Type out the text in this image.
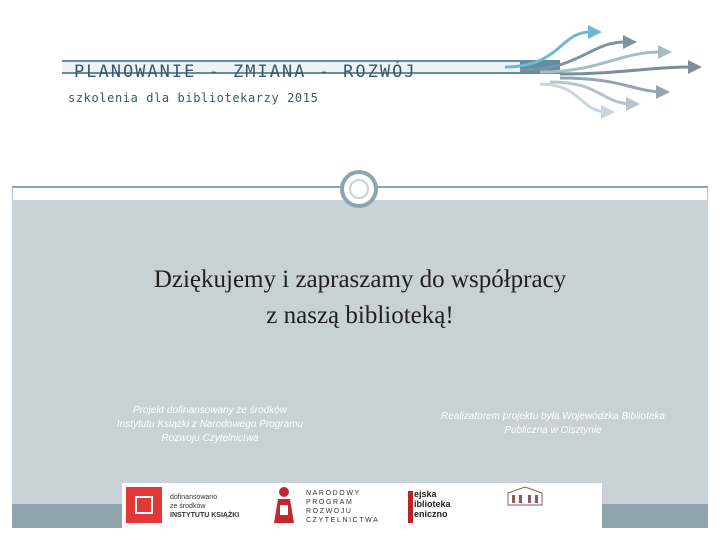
PLANOWANIE - ZMIANA - ROZWÓJ
szkolenia dla bibliotekarzy 2015
Dziękujemy i zapraszamy do współpracy
z naszą biblioteką!
Projekt dofinansowany ze środków
Instytutu Książki z Narodowego Programu
Rozwoju Czytelnictwa
Realizatorem projektu była Wojewódzka Biblioteka
Publiczna w Olsztynie
dofinansowano
ze środków
INSTYTUTU KSIĄŻKI
NARODOWY
PROGRAM
ROZWOJU
CZYTELNICTWA
ejska
iblioteka
eniczno
